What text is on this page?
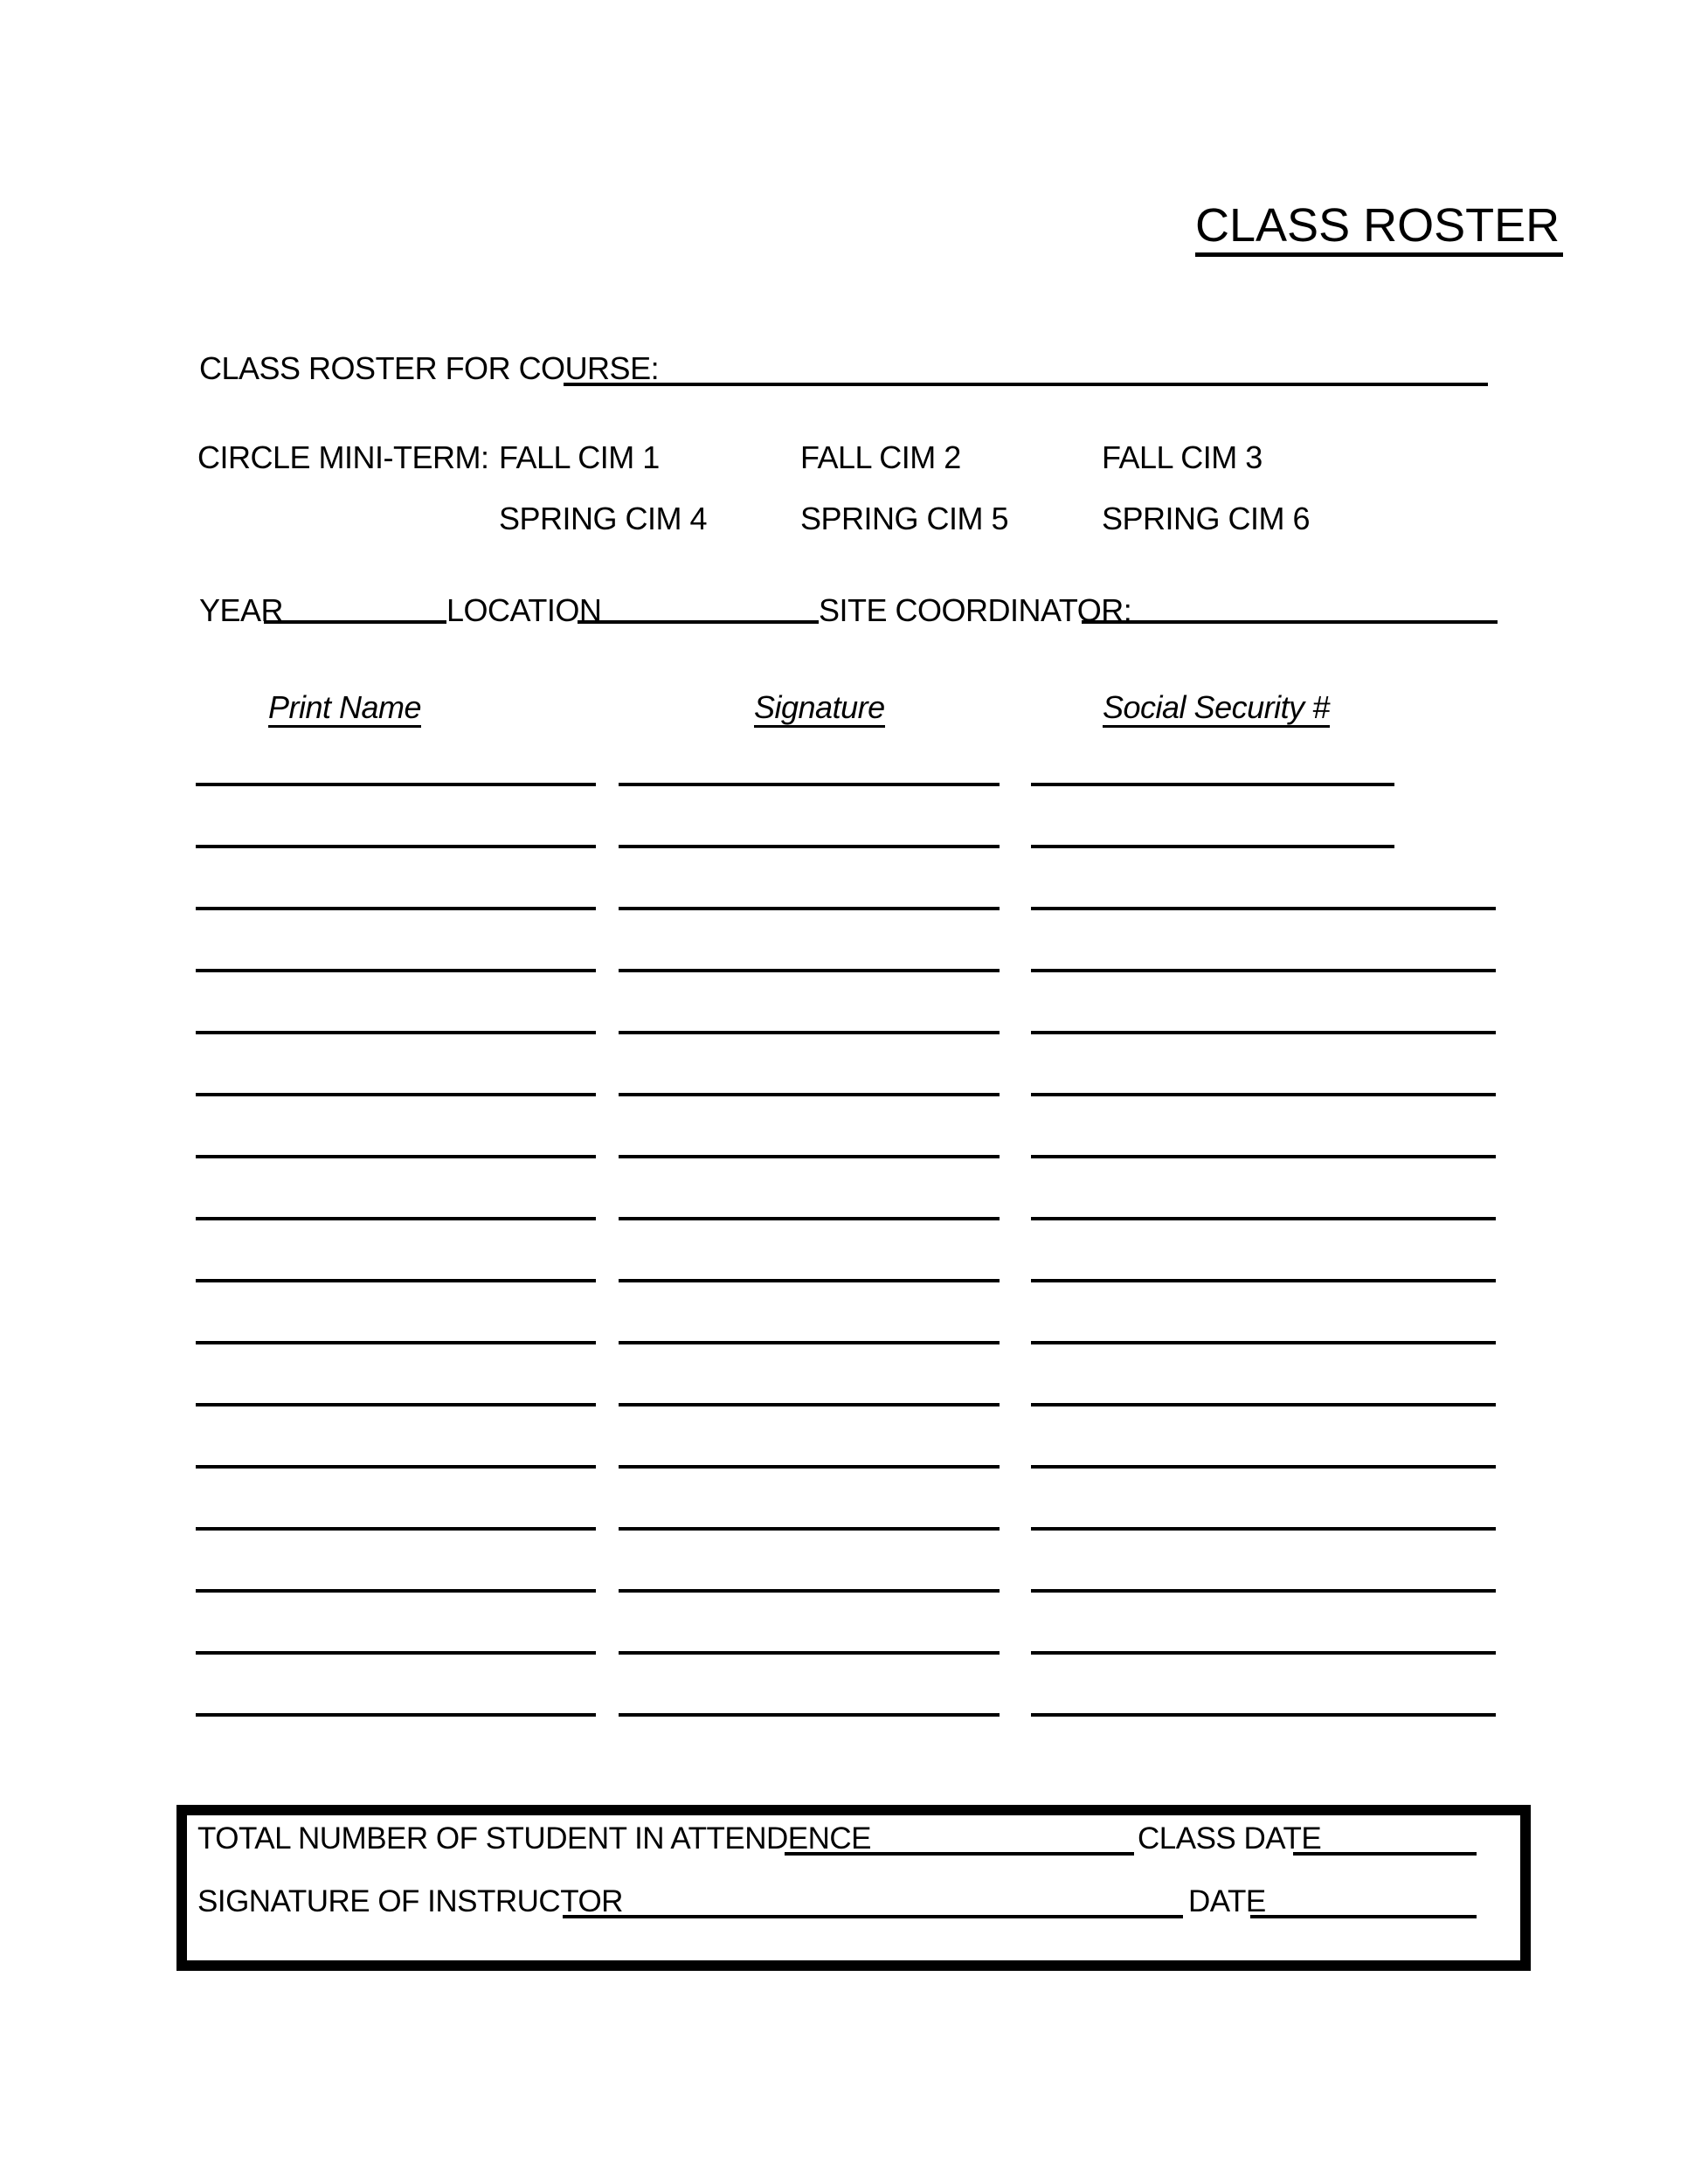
CLASS ROSTER
CLASS ROSTER FOR COURSE:
CIRCLE MINI-TERM: FALL CIM 1	FALL CIM 2	FALL CIM 3
SPRING CIM 4	SPRING CIM 5	SPRING CIM 6
YEAR	LOCATION	SITE COORDINATOR:
Print Name	Signature	Social Security #
TOTAL NUMBER OF STUDENT IN ATTENDENCE	CLASS DATE
SIGNATURE OF INSTRUCTOR	DATE
